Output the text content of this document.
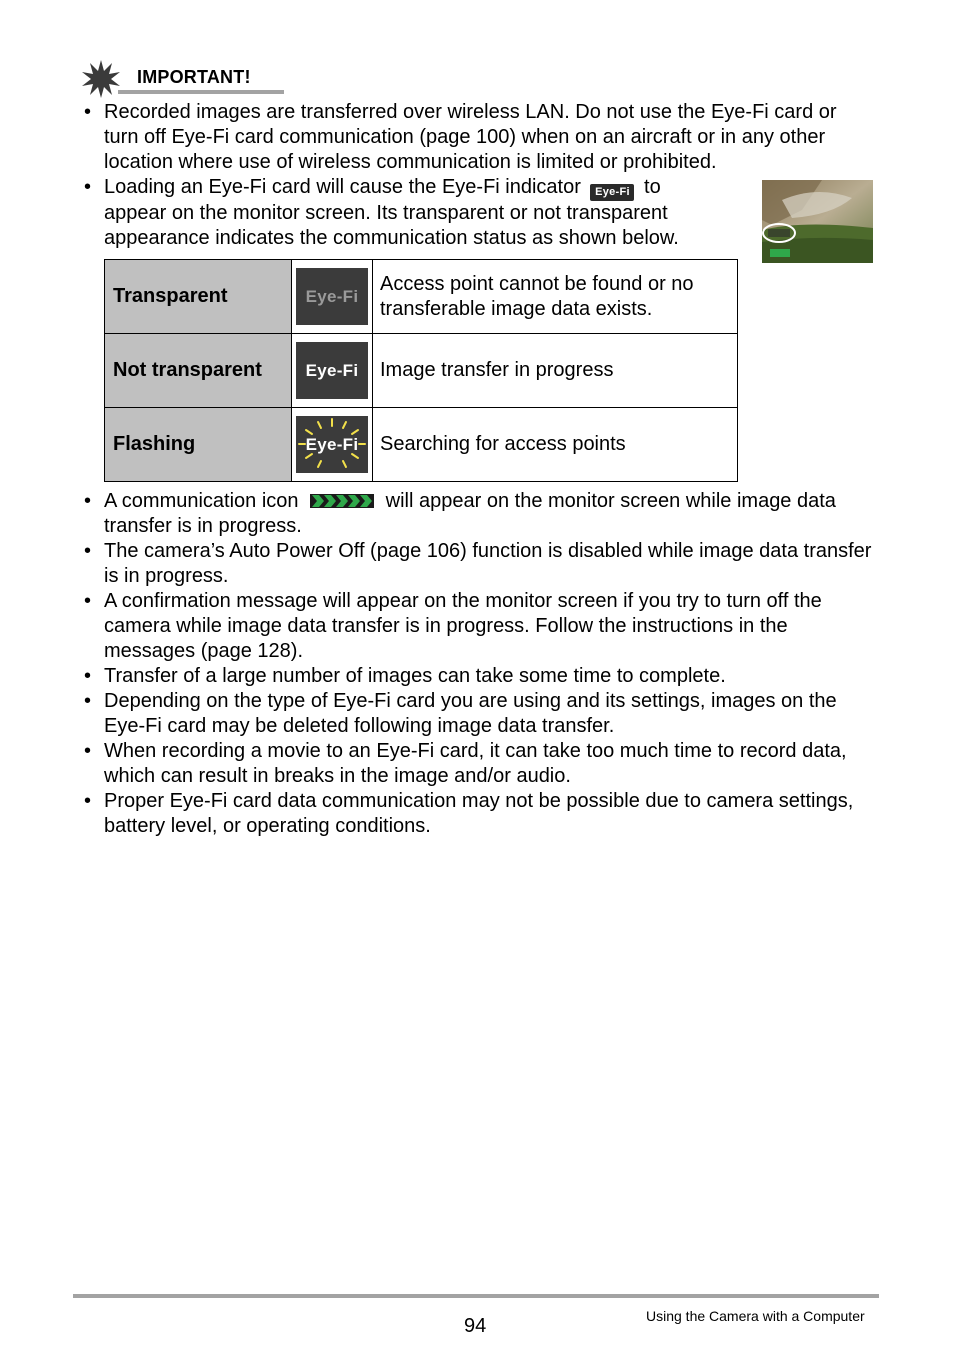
IMPORTANT!
• Recorded images are transferred over wireless LAN. Do not use the Eye-Fi card or turn off Eye-Fi card communication (page 100) when on an aircraft or in any other location where use of wireless communication is limited or prohibited.
• Loading an Eye-Fi card will cause the Eye-Fi indicator Eye-Fi to appear on the monitor screen. Its transparent or not transparent appearance indicates the communication status as shown below.
Transparent	Eye-Fi	Access point cannot be found or no transferable image data exists.
Not transparent	Eye-Fi	Image transfer in progress
Flashing	Eye-Fi	Searching for access points
• A communication icon	will appear on the monitor screen while image data transfer is in progress.
• The camera’s Auto Power Off (page 106) function is disabled while image data transfer is in progress.
• A confirmation message will appear on the monitor screen if you try to turn off the camera while image data transfer is in progress. Follow the instructions in the messages (page 128).
• Transfer of a large number of images can take some time to complete.
• Depending on the type of Eye-Fi card you are using and its settings, images on the Eye-Fi card may be deleted following image data transfer.
• When recording a movie to an Eye-Fi card, it can take too much time to record data, which can result in breaks in the image and/or audio.
• Proper Eye-Fi card data communication may not be possible due to camera settings, battery level, or operating conditions.
94	Using the Camera with a Computer
